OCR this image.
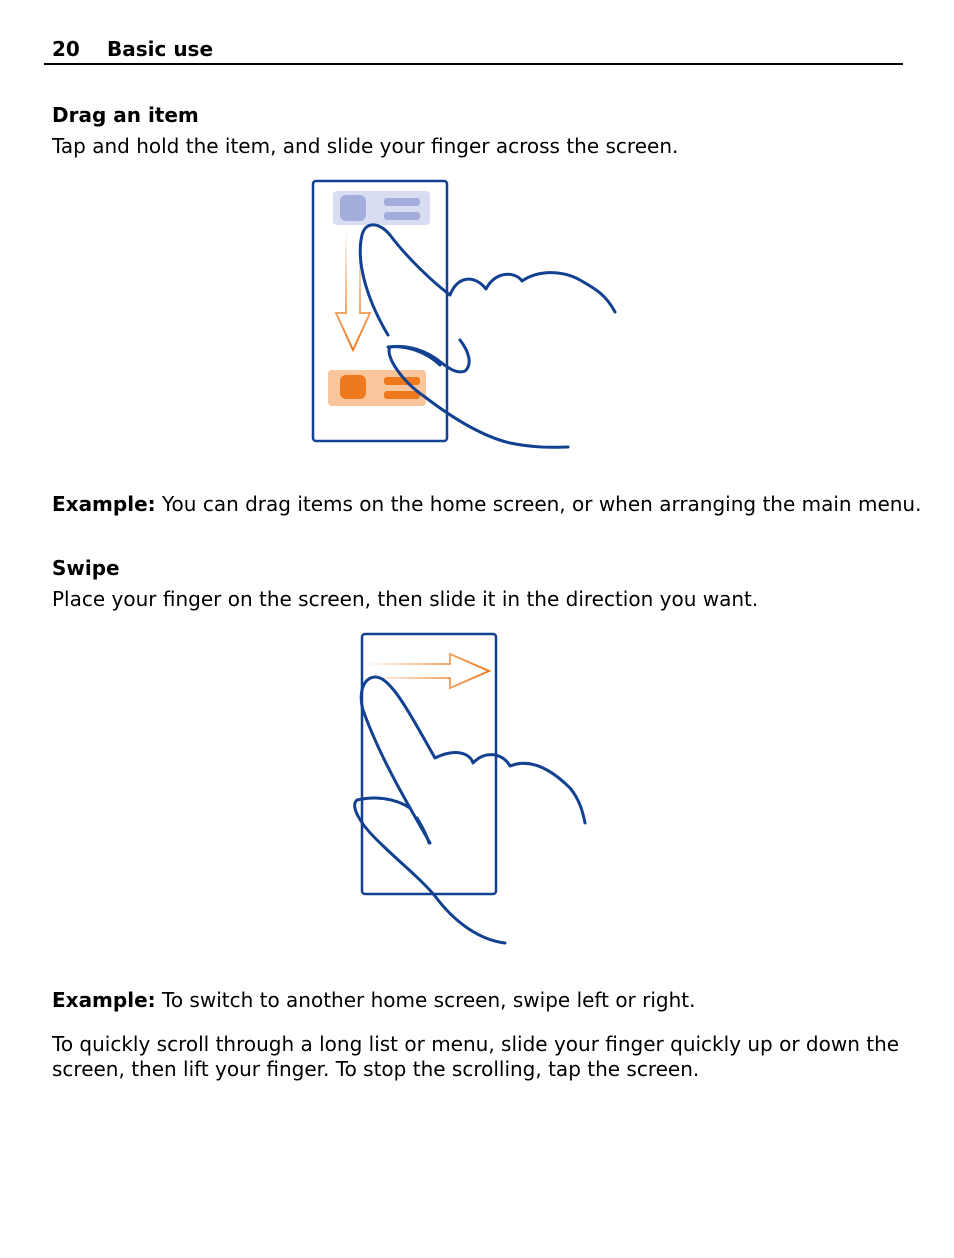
20 Basic use
Drag an item
Tap and hold the item, and slide your finger across the screen.
Example: You can drag items on the home screen, or when arranging the main menu.
Swipe
Place your finger on the screen, then slide it in the direction you want.
Example: To switch to another home screen, swipe left or right.
To quickly scroll through a long list or menu, slide your finger quickly up or down the
screen, then lift your finger. To stop the scrolling, tap the screen.
